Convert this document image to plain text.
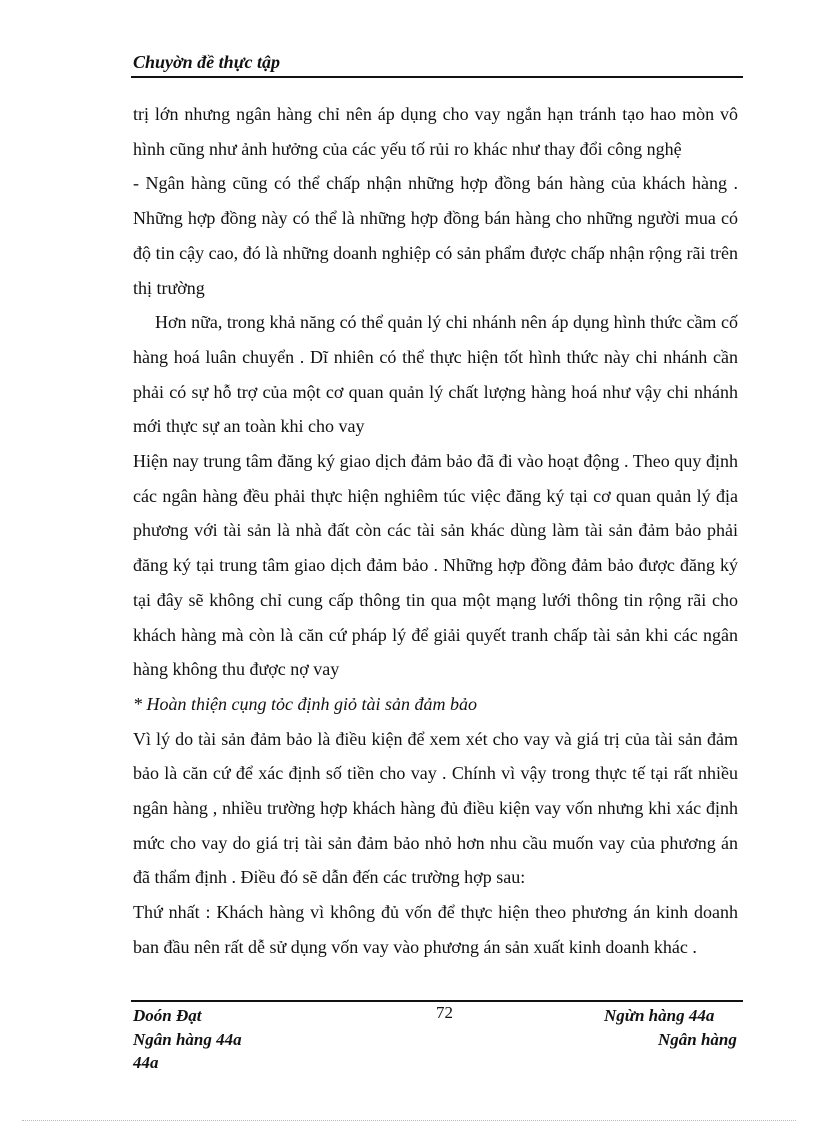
Chuyờn đề thực tập

trị lớn nhưng ngân hàng chỉ nên áp dụng cho vay ngắn hạn tránh tạo hao mòn vô hình cũng như ảnh hưởng của các yếu tố rủi ro khác như thay đổi công nghệ

- Ngân hàng cũng có thể chấp nhận những hợp đồng bán hàng của khách hàng . Những hợp đồng này có thể là những hợp đồng bán hàng cho những người mua có độ tin cậy cao, đó là những doanh nghiệp có sản phẩm được chấp nhận rộng rãi trên thị trường

Hơn nữa, trong khả năng có thể quản lý chi nhánh nên áp dụng hình thức cầm cố hàng hoá luân chuyển . Dĩ nhiên có thể thực hiện tốt hình thức này chi nhánh cần phải có sự hỗ trợ của một cơ quan quản lý chất lượng hàng hoá như vậy chi nhánh mới thực sự an toàn khi cho vay

Hiện nay trung tâm đăng ký giao dịch đảm bảo đã đi vào hoạt động . Theo quy định các ngân hàng đều phải thực hiện nghiêm túc việc đăng ký tại cơ quan quản lý địa phương với tài sản là nhà đất còn các tài sản khác dùng làm tài sản đảm bảo phải đăng ký tại trung tâm giao dịch đảm bảo . Những hợp đồng đảm bảo được đăng ký tại đây sẽ không chỉ cung cấp thông tin qua một mạng lưới thông tin rộng rãi cho khách hàng mà còn là căn cứ pháp lý để giải quyết tranh chấp tài sản khi các ngân hàng không thu được nợ vay

* Hoàn thiện cụng tỏc định giỏ tài sản đảm bảo

Vì lý do tài sản đảm bảo là điều kiện để xem xét cho vay và giá trị của tài sản đảm bảo là căn cứ để xác định số tiền cho vay . Chính vì vậy trong thực tế tại rất nhiều ngân hàng , nhiều trường hợp khách hàng đủ điều kiện vay vốn nhưng khi xác định mức cho vay do giá trị tài sản đảm bảo nhỏ hơn nhu cầu muốn vay của phương án đã thẩm định . Điều đó sẽ dẫn đến các trường hợp sau:

Thứ nhất : Khách hàng vì không đủ vốn để thực hiện theo phương án kinh doanh ban đầu nên rất dễ sử dụng vốn vay vào phương án sản xuất kinh doanh khác .

Doón Đạt
Ngân hàng 44a
44a
72	Ngừn hàng 44a
Ngân hàng
